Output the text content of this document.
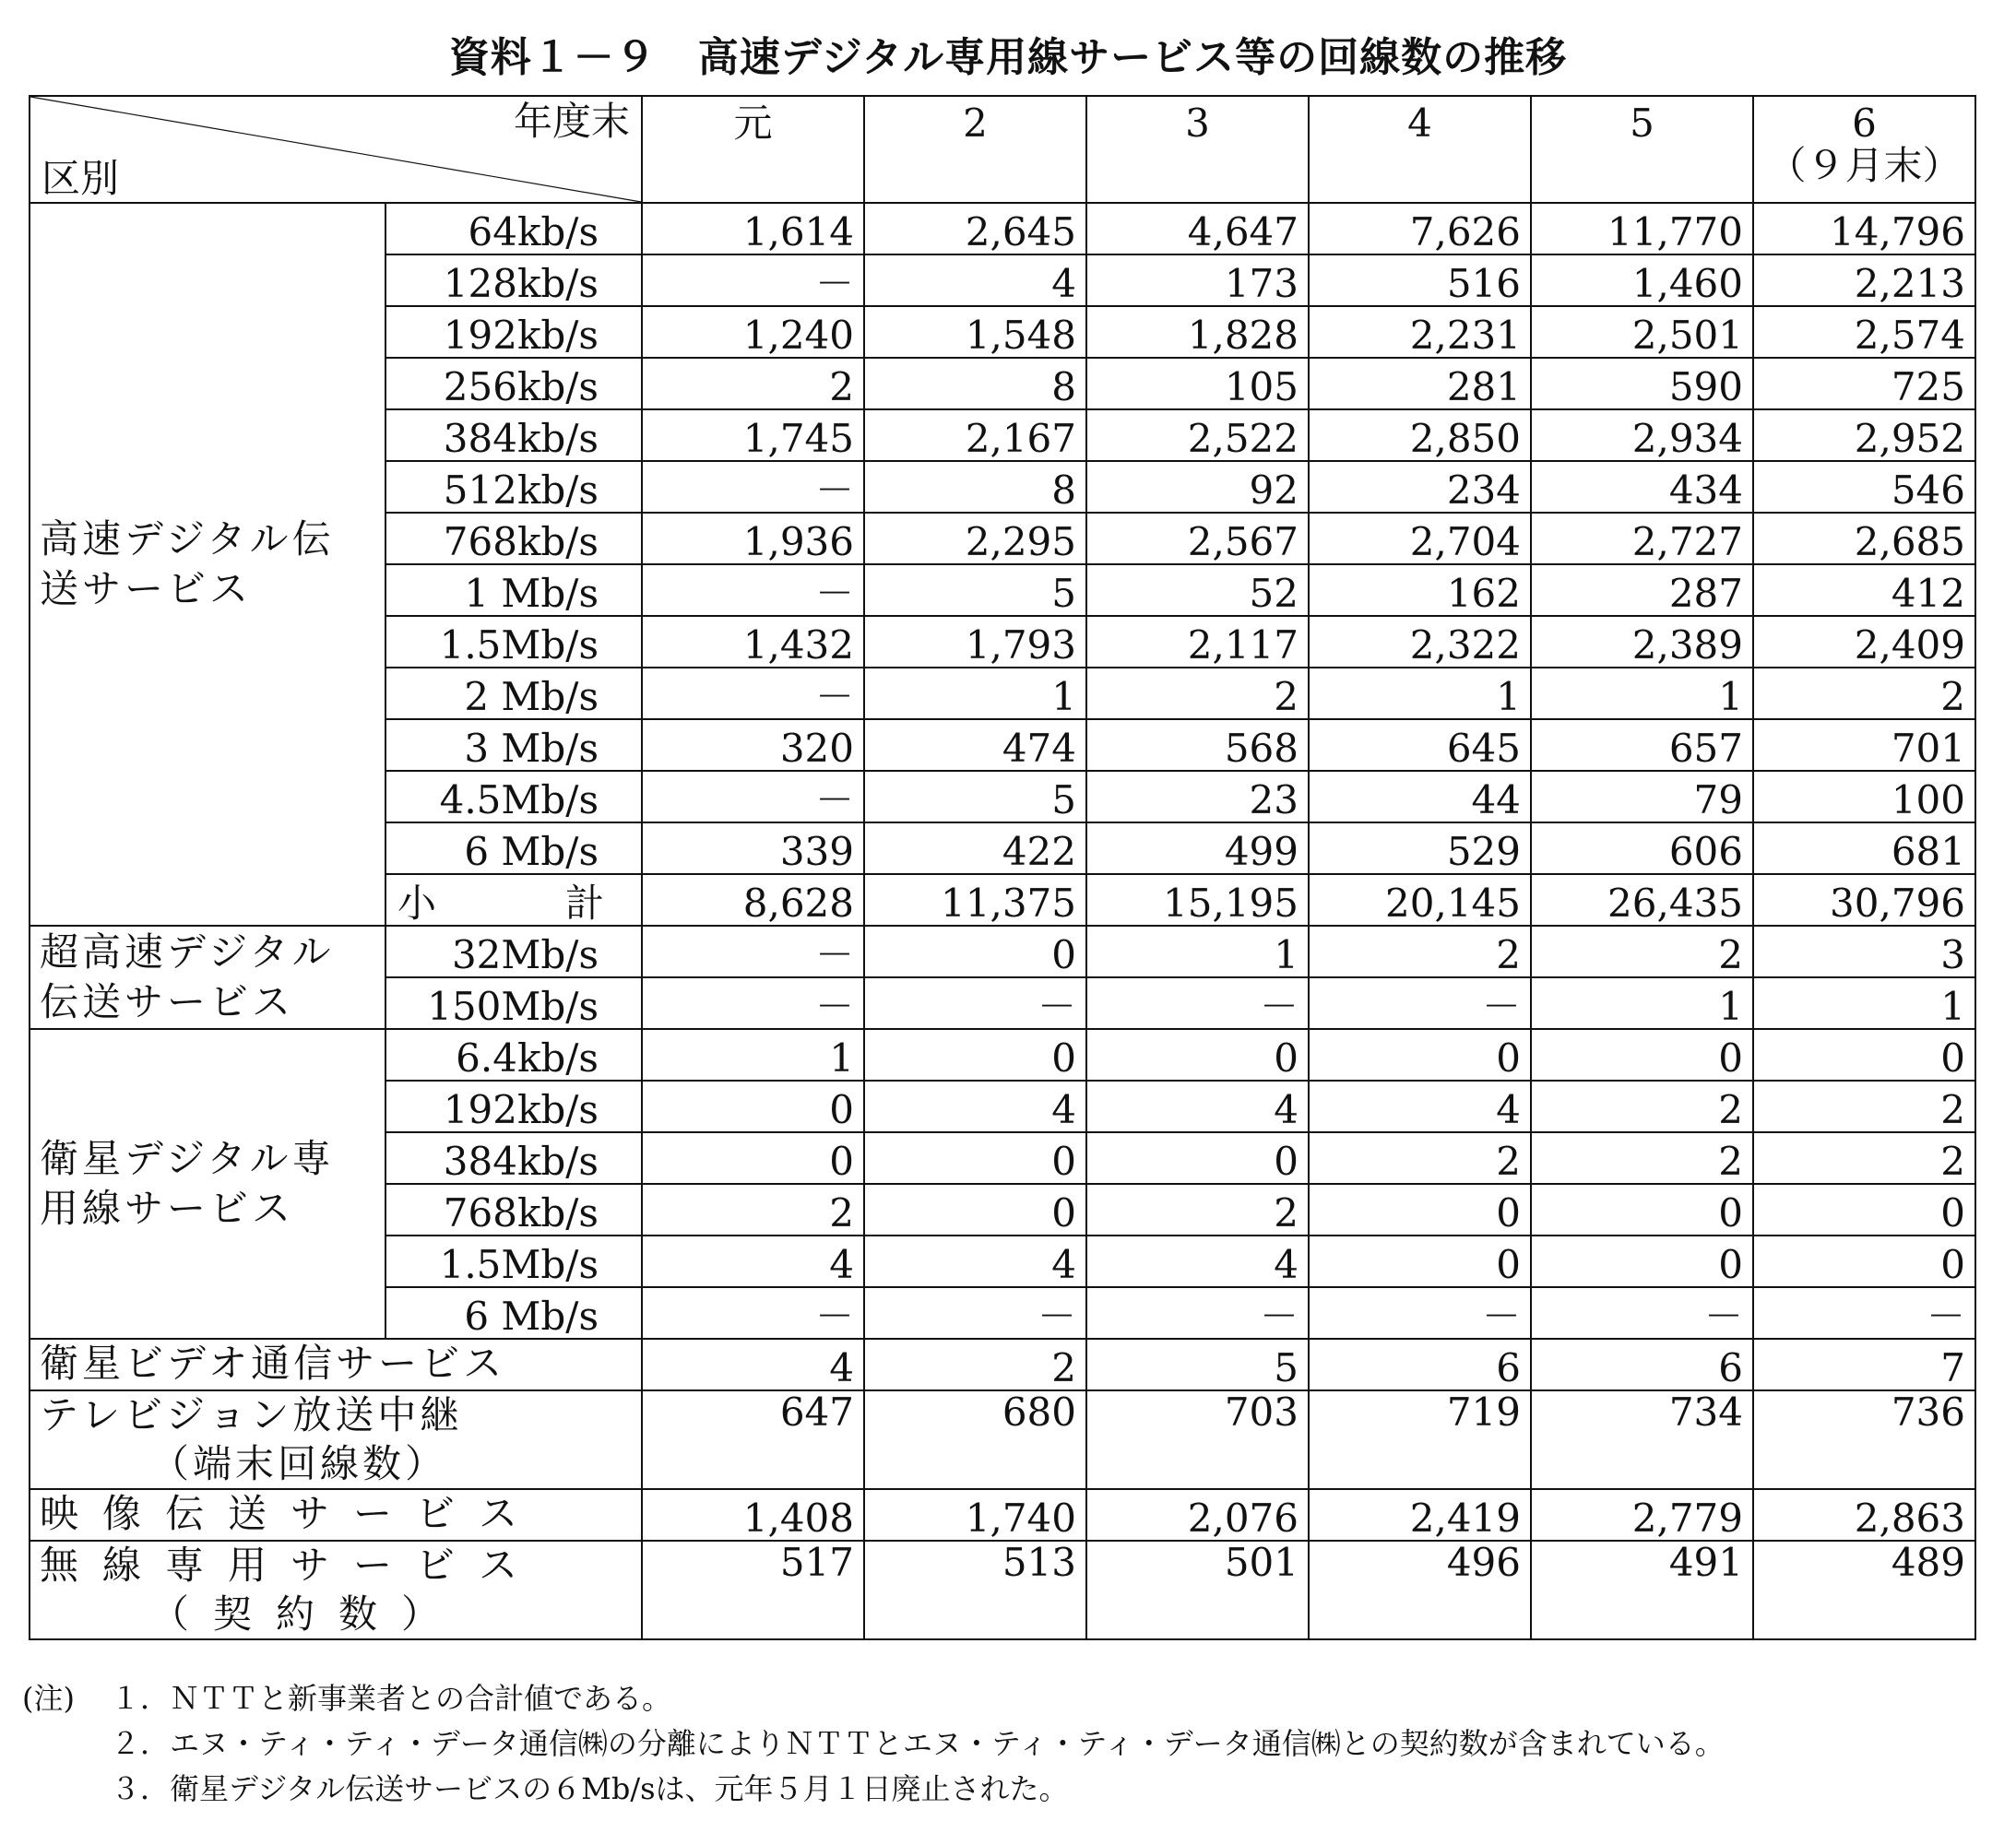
資料１－９　高速デジタル専用線サービス等の回線数の推移
年度末
区別		元	2	3	4	5	6
（９月末）

高速デジタル伝送サービス	64kb/s	1,614	2,645	4,647	7,626	11,770	14,796
	128kb/s	－	4	173	516	1,460	2,213
	192kb/s	1,240	1,548	1,828	2,231	2,501	2,574
	256kb/s	2	8	105	281	590	725
	384kb/s	1,745	2,167	2,522	2,850	2,934	2,952
	512kb/s	－	8	92	234	434	546
	768kb/s	1,936	2,295	2,567	2,704	2,727	2,685
	1 Mb/s	－	5	52	162	287	412
	1.5Mb/s	1,432	1,793	2,117	2,322	2,389	2,409
	2 Mb/s	－	1	2	1	1	2
	3 Mb/s	320	474	568	645	657	701
	4.5Mb/s	－	5	23	44	79	100
	6 Mb/s	339	422	499	529	606	681
	小計	8,628	11,375	15,195	20,145	26,435	30,796
超高速デジタル伝送サービス	32Mb/s	－	0	1	2	2	3
	150Mb/s	－	－	－	－	1	1
衛星デジタル専用線サービス	6.4kb/s	1	0	0	0	0	0
	192kb/s	0	4	4	4	2	2
	384kb/s	0	0	0	2	2	2
	768kb/s	2	0	2	0	0	0
	1.5Mb/s	4	4	4	0	0	0
	6 Mb/s	－	－	－	－	－	－
衛星ビデオ通信サービス		4	2	5	6	6	7
テレビジョン放送中継
（端末回線数）		647	680	703	719	734	736
映像伝送サービス		1,408	1,740	2,076	2,419	2,779	2,863
無線専用サービス
（契約数）		517	513	501	496	491	489
(注)	１．ＮＴＴと新事業者との合計値である。
２．エヌ・ティ・ティ・データ通信㈱の分離によりＮＴＴとエヌ・ティ・ティ・データ通信㈱との契約数が含まれている。
３．衛星デジタル伝送サービスの６Mb/sは、元年５月１日廃止された。
